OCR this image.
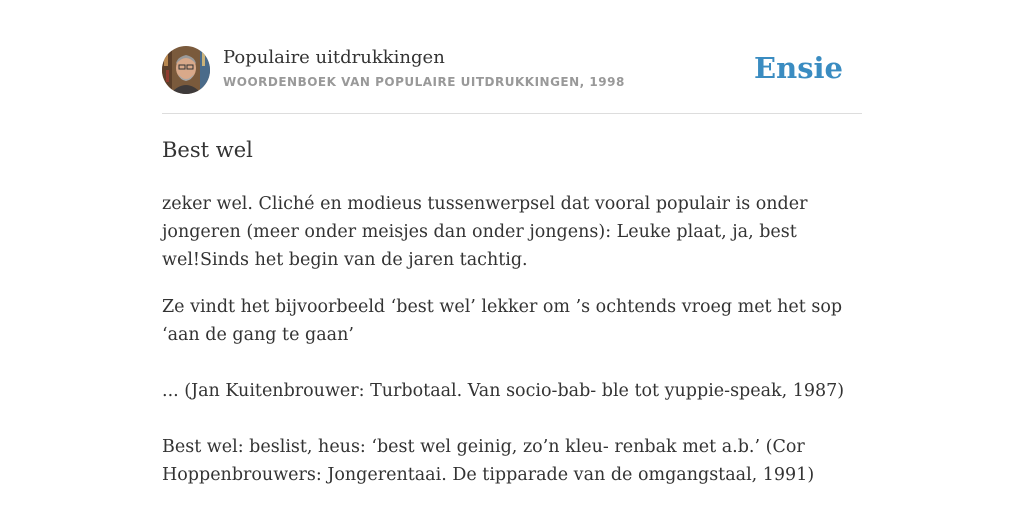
Populaire uitdrukkingen
WOORDENBOEK VAN POPULAIRE UITDRUKKINGEN, 1998	Ensie
Best wel

zeker wel. Cliché en modieus tussenwerpsel dat vooral populair is onder jongeren (meer onder meisjes dan onder jongens): Leuke plaat, ja, best wel!Sinds het begin van de jaren tachtig.

Ze vindt het bijvoorbeeld ‘best wel’ lekker om ’s ochtends vroeg met het sop ‘aan de gang te gaan’

... (Jan Kuitenbrouwer: Turbotaal. Van socio-bab- ble tot yuppie-speak, 1987)

Best wel: beslist, heus: ‘best wel geinig, zo’n kleu- renbak met a.b.’ (Cor Hoppenbrouwers: Jongerentaai. De tipparade van de omgangstaal, 1991)
